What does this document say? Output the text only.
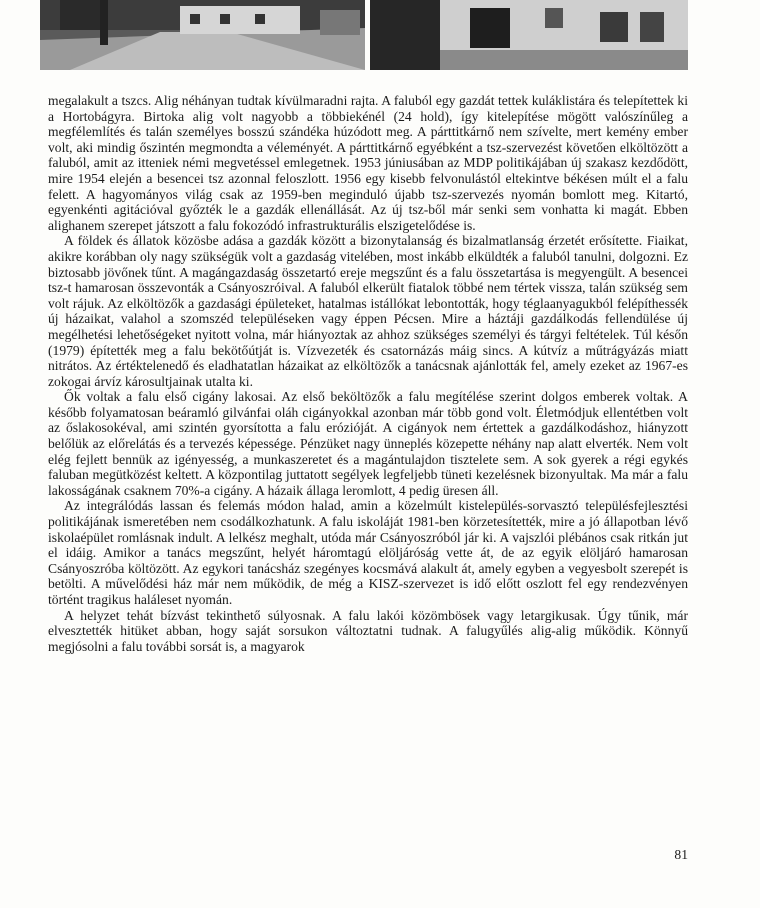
megalakult a tszcs. Alig néhányan tudtak kívülmaradni rajta. A faluból egy gazdát tettek kuláklistára és telepítettek ki a Hortobágyra. Birtoka alig volt nagyobb a többiekénél (24 hold), így kitelepítése mögött valószínűleg a megfélemlítés és talán személyes bosszú szándéka húzódott meg. A párttitkárnő nem szívelte, mert kemény ember volt, aki mindig őszintén megmondta a véleményét. A párttitkárnő egyébként a tsz-szervezést követően elköltözött a faluból, amit az itteniek némi megvetéssel emlegetnek. 1953 júniusában az MDP politikájában új szakasz kezdődött, mire 1954 elején a besencei tsz azonnal feloszlott. 1956 egy kisebb felvonulástól eltekintve békésen múlt el a falu felett. A hagyományos világ csak az 1959-ben meginduló újabb tsz-szervezés nyomán bomlott meg. Kitartó, egyenkénti agitációval győzték le a gazdák ellenállását. Az új tsz-ből már senki sem vonhatta ki magát. Ebben alighanem szerepet játszott a falu fokozódó infrastrukturális elszigetelődése is.

A földek és állatok közösbe adása a gazdák között a bizonytalanság és bizalmatlanság érzetét erősítette. Fiaikat, akikre korábban oly nagy szükségük volt a gazdaság vitelében, most inkább elküldték a faluból tanulni, dolgozni. Ez biztosabb jövőnek tűnt. A magángazdaság összetartó ereje megszűnt és a falu összetartása is megyengült. A besencei tsz-t hamarosan összevonták a Csányoszróival. A faluból elkerült fiatalok többé nem tértek vissza, talán szükség sem volt rájuk. Az elköltözők a gazdasági épületeket, hatalmas istállókat lebontották, hogy téglaanyagukból felépíthessék új házaikat, valahol a szomszéd településeken vagy éppen Pécsen. Mire a háztáji gazdálkodás fellendülése új megélhetési lehetőségeket nyitott volna, már hiányoztak az ahhoz szükséges személyi és tárgyi feltételek. Túl későn (1979) építették meg a falu bekötőútját is. Vízvezeték és csatornázás máig sincs. A kútvíz a műtrágyázás miatt nitrátos. Az értéktelenedő és eladhatatlan házaikat az elköltözők a tanácsnak ajánlották fel, amely ezeket az 1967-es zokogai árvíz károsultjainak utalta ki.

Ők voltak a falu első cigány lakosai. Az első beköltözők a falu megítélése szerint dolgos emberek voltak. A később folyamatosan beáramló gilvánfai oláh cigányokkal azonban már több gond volt. Életmódjuk ellentétben volt az őslakosokéval, ami szintén gyorsította a falu erózióját. A cigányok nem értettek a gazdálkodáshoz, hiányzott belőlük az előrelátás és a tervezés képessége. Pénzüket nagy ünneplés közepette néhány nap alatt elverték. Nem volt elég fejlett bennük az igényesség, a munkaszeretet és a magántulajdon tisztelete sem. A sok gyerek a régi egykés faluban megütközést keltett. A központilag juttatott segélyek legfeljebb tüneti kezelésnek bizonyultak. Ma már a falu lakosságának csaknem 70%-a cigány. A házaik állaga leromlott, 4 pedig üresen áll.

Az integrálódás lassan és felemás módon halad, amin a közelmúlt kistelepülés-sorvasztó településfejlesztési politikájának ismeretében nem csodálkozhatunk. A falu iskoláját 1981-ben körzetesítették, mire a jó állapotban lévő iskolaépület romlásnak indult. A lelkész meghalt, utóda már Csányoszróból jár ki. A vajszlói plébános csak ritkán jut el idáig. Amikor a tanács megszűnt, helyét háromtagú elöljáróság vette át, de az egyik elöljáró hamarosan Csányoszróba költözött. Az egykori tanácsház szegényes kocsmává alakult át, amely egyben a vegyesbolt szerepét is betölti. A művelődési ház már nem működik, de még a KISZ-szervezet is idő előtt oszlott fel egy rendezvényen történt tragikus haláleset nyomán.

A helyzet tehát bízvást tekinthető súlyosnak. A falu lakói közömbösek vagy letargikusak. Úgy tűnik, már elvesztették hitüket abban, hogy saját sorsukon változtatni tudnak. A falugyűlés alig-alig működik. Könnyű megjósolni a falu további sorsát is, a magyarok

81
